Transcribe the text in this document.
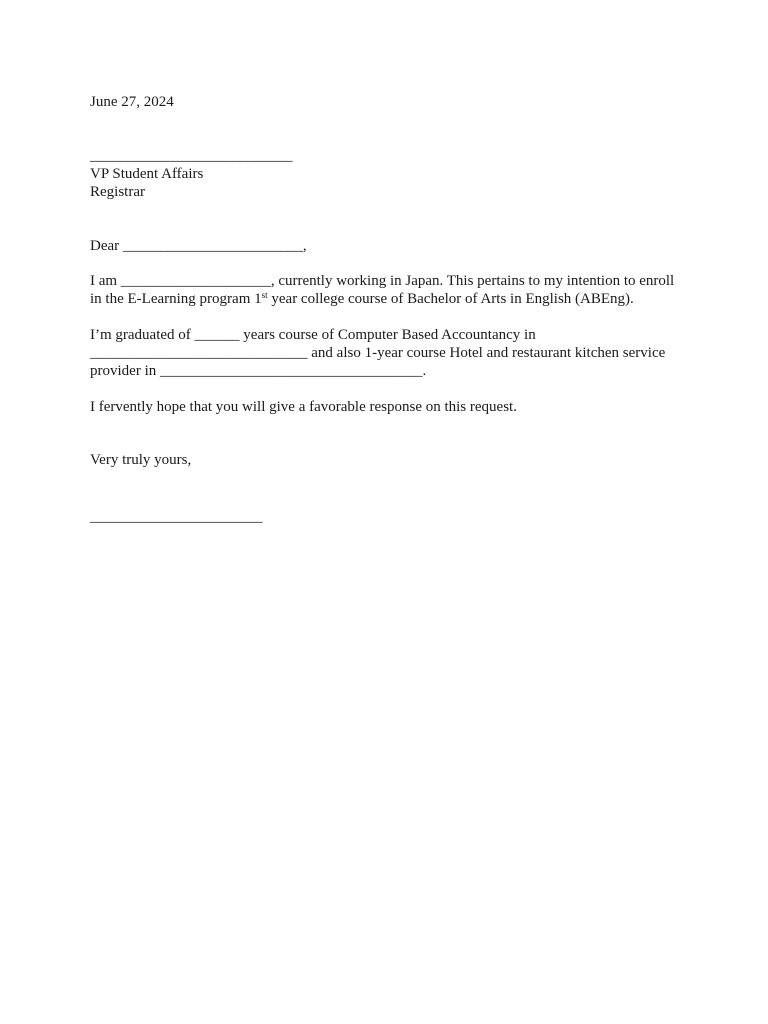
June 27, 2024
___________________________
VP Student Affairs
Registrar
Dear ________________________,
I am ____________________, currently working in Japan. This pertains to my intention to enroll
in the E-Learning program 1st year college course of Bachelor of Arts in English (ABEng).
I’m graduated of ______ years course of Computer Based Accountancy in
_____________________________ and also 1-year course Hotel and restaurant kitchen service
provider in ___________________________________.
I fervently hope that you will give a favorable response on this request.
Very truly yours,
_______________________
